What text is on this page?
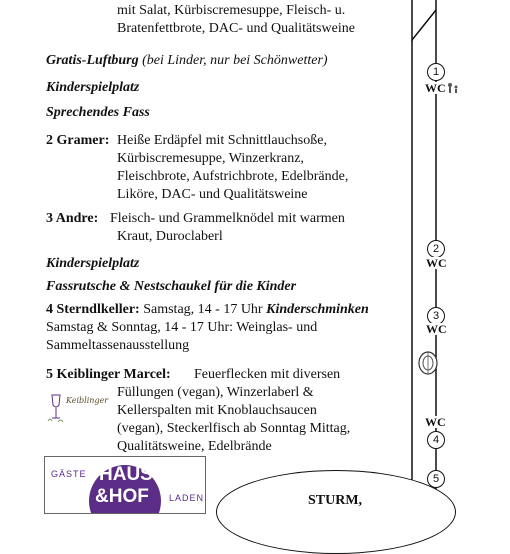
mit Salat, Kürbiscremesuppe, Fleisch- u.
Bratenfettbrote, DAC- und Qualitätsweine
Gratis-Luftburg (bei Linder, nur bei Schönwetter)
Kinderspielplatz
Sprechendes Fass
2 Gramer: Heiße Erdäpfel mit Schnittlauchsoße,
Kürbiscremesuppe, Winzerkranz,
Fleischbrote, Aufstrichbrote, Edelbrände,
Liköre, DAC- und Qualitätsweine
3 Andre: Fleisch- und Grammelknödel mit warmen
Kraut, Duroclaberl
Kinderspielplatz
Fassrutsche & Nestschaukel für die Kinder
4 Sterndlkeller: Samstag, 14 - 17 Uhr Kinderschminken
Samstag & Sonntag, 14 - 17 Uhr: Weinglas- und
Sammeltassenausstellung
5 Keiblinger Marcel: Feuerflecken mit diversen
Füllungen (vegan), Winzerlaberl &
Kellerspalten mit Knoblauchsaucen
(vegan), Steckerlfisch ab Sonntag Mittag,
Qualitätsweine, Edelbrände
Keiblinger
1
WC
2
WC
3
WC
WC
4
5
GÄSTE HAUS
&HOF LADEN	STURM,
